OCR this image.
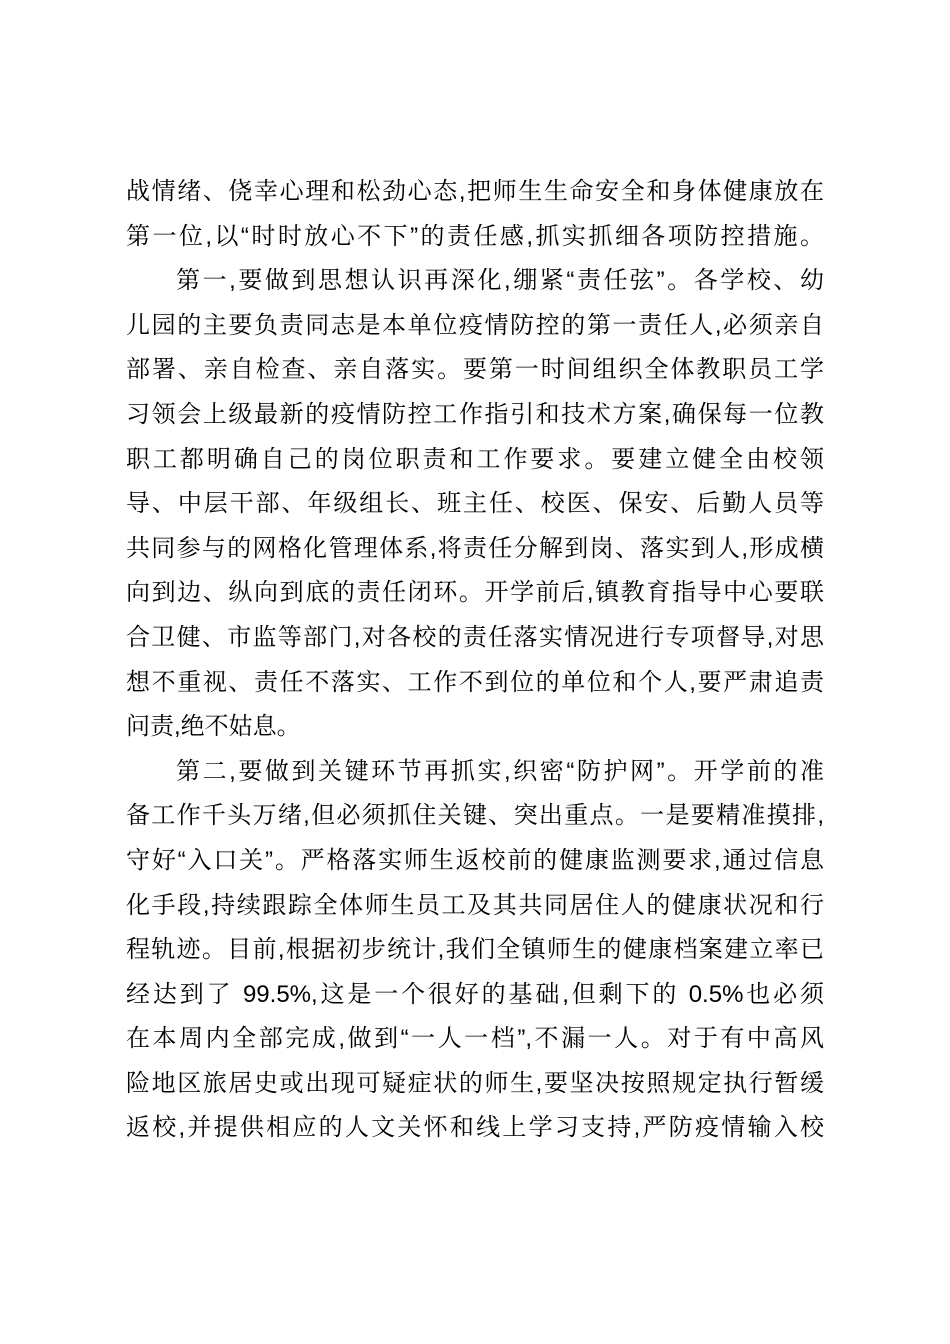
战情绪、侥幸心理和松劲心态,把师生生命安全和身体健康放在
第一位,以“时时放心不下”的责任感,抓实抓细各项防控措施。
第一,要做到思想认识再深化,绷紧“责任弦”。各学校、幼
儿园的主要负责同志是本单位疫情防控的第一责任人,必须亲自
部署、亲自检查、亲自落实。要第一时间组织全体教职员工学
习领会上级最新的疫情防控工作指引和技术方案,确保每一位教
职工都明确自己的岗位职责和工作要求。要建立健全由校领
导、中层干部、年级组长、班主任、校医、保安、后勤人员等
共同参与的网格化管理体系,将责任分解到岗、落实到人,形成横
向到边、纵向到底的责任闭环。开学前后,镇教育指导中心要联
合卫健、市监等部门,对各校的责任落实情况进行专项督导,对思
想不重视、责任不落实、工作不到位的单位和个人,要严肃追责
问责,绝不姑息。
第二,要做到关键环节再抓实,织密“防护网”。开学前的准
备工作千头万绪,但必须抓住关键、突出重点。一是要精准摸排,
守好“入口关”。严格落实师生返校前的健康监测要求,通过信息
化手段,持续跟踪全体师生员工及其共同居住人的健康状况和行
程轨迹。目前,根据初步统计,我们全镇师生的健康档案建立率已
经达到了 99.5%,这是一个很好的基础,但剩下的 0.5%也必须
在本周内全部完成,做到“一人一档”,不漏一人。对于有中高风
险地区旅居史或出现可疑症状的师生,要坚决按照规定执行暂缓
返校,并提供相应的人文关怀和线上学习支持,严防疫情输入校
